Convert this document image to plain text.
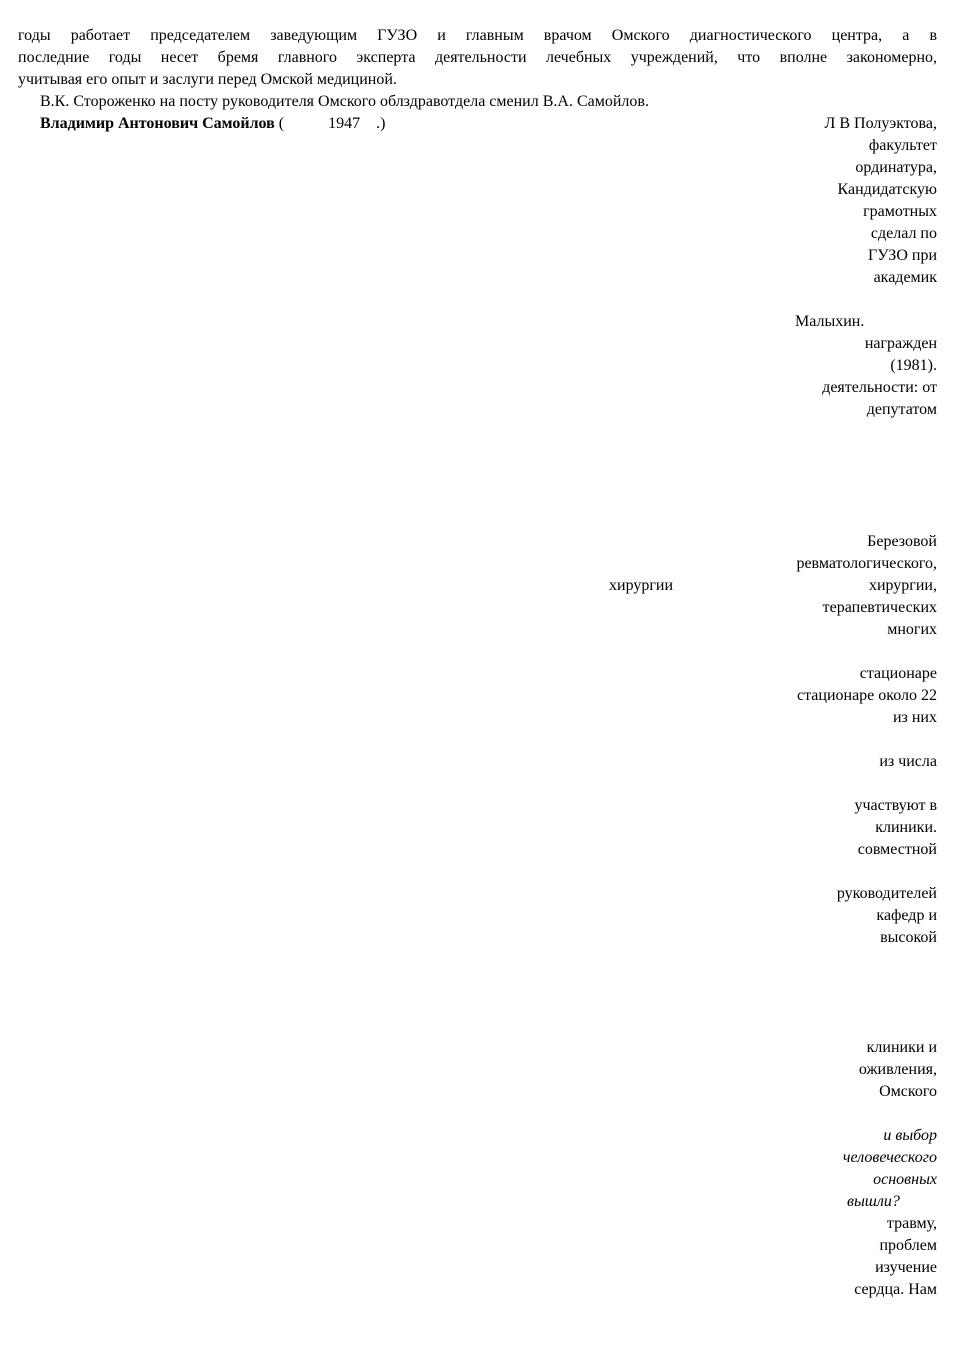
годы работает председателем заведующим ГУЗО и главным врачом Омского диагностического центра, а в
последние годы несет бремя главного эксперта деятельности лечебных учреждений, что вполне закономерно,
учитывая его опыт и заслуги перед Омской медициной.
В.К. Стороженко на посту руководителя Омского облздравотдела сменил В.А. Самойлов.
Владимир Антонович Самойлов (	1947 .)	Л В Полуэктова,
факультет
ординатура,
Кандидатскую
грамотных
сделал по
ГУЗО при
академик
Малыхин.
награжден
(1981).
деятельности: от
депутатом
Березовой
ревматологического,
хирургии	хирургии,
терапевтических
многих
стационаре
стационаре около 22
из них
из числа
участвуют в
клиники.
совместной
руководителей
кафедр и
высокой
клиники и
оживления,
Омского
и выбор
человеческого
основных
вышли?
травму,
проблем
изучение
сердца. Нам
